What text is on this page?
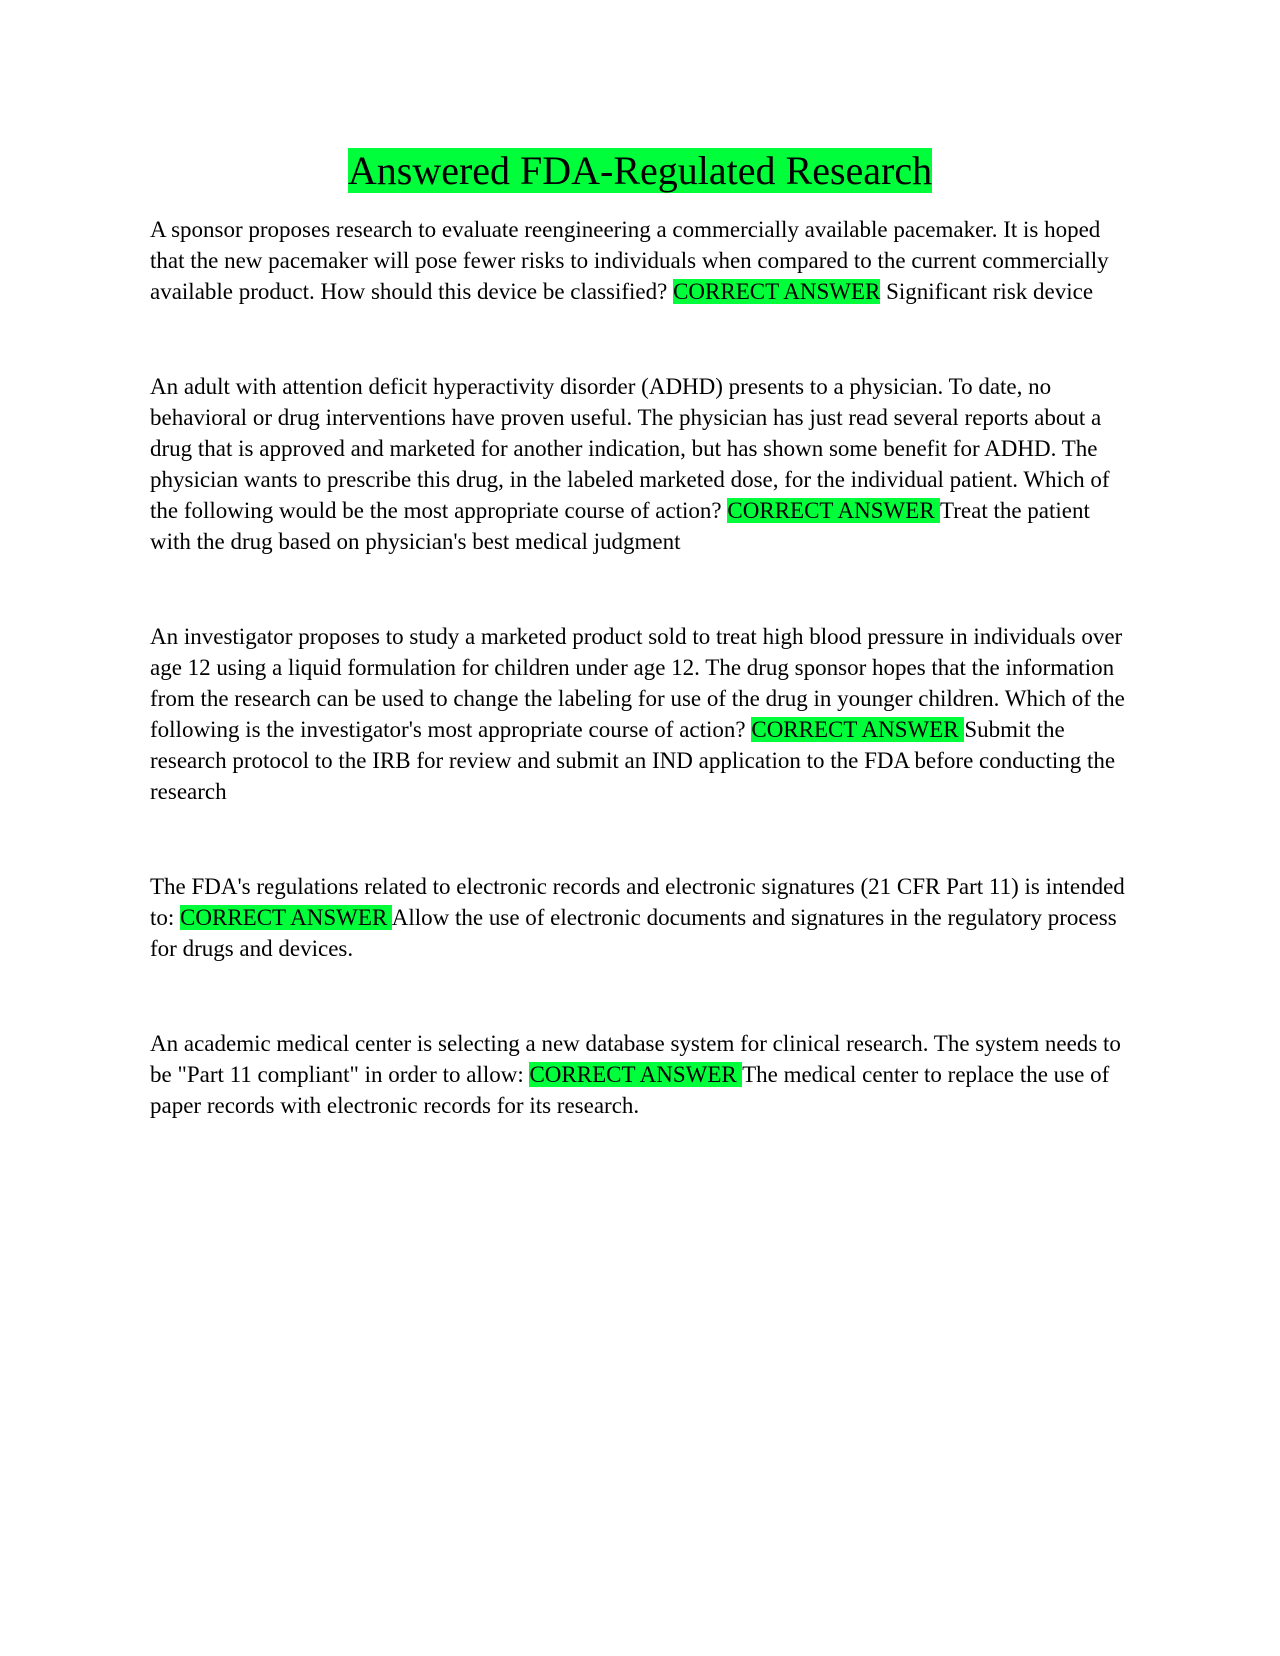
Answered FDA-Regulated Research

A sponsor proposes research to evaluate reengineering a commercially available pacemaker. It is hoped that the new pacemaker will pose fewer risks to individuals when compared to the current commercially available product. How should this device be classified? CORRECT ANSWER Significant risk device

An adult with attention deficit hyperactivity disorder (ADHD) presents to a physician. To date, no behavioral or drug interventions have proven useful. The physician has just read several reports about a drug that is approved and marketed for another indication, but has shown some benefit for ADHD. The physician wants to prescribe this drug, in the labeled marketed dose, for the individual patient. Which of the following would be the most appropriate course of action? CORRECT ANSWER Treat the patient with the drug based on physician's best medical judgment

An investigator proposes to study a marketed product sold to treat high blood pressure in individuals over age 12 using a liquid formulation for children under age 12. The drug sponsor hopes that the information from the research can be used to change the labeling for use of the drug in younger children. Which of the following is the investigator's most appropriate course of action? CORRECT ANSWER Submit the research protocol to the IRB for review and submit an IND application to the FDA before conducting the research

The FDA's regulations related to electronic records and electronic signatures (21 CFR Part 11) is intended to: CORRECT ANSWER Allow the use of electronic documents and signatures in the regulatory process for drugs and devices.

An academic medical center is selecting a new database system for clinical research. The system needs to be "Part 11 compliant" in order to allow: CORRECT ANSWER The medical center to replace the use of paper records with electronic records for its research.
